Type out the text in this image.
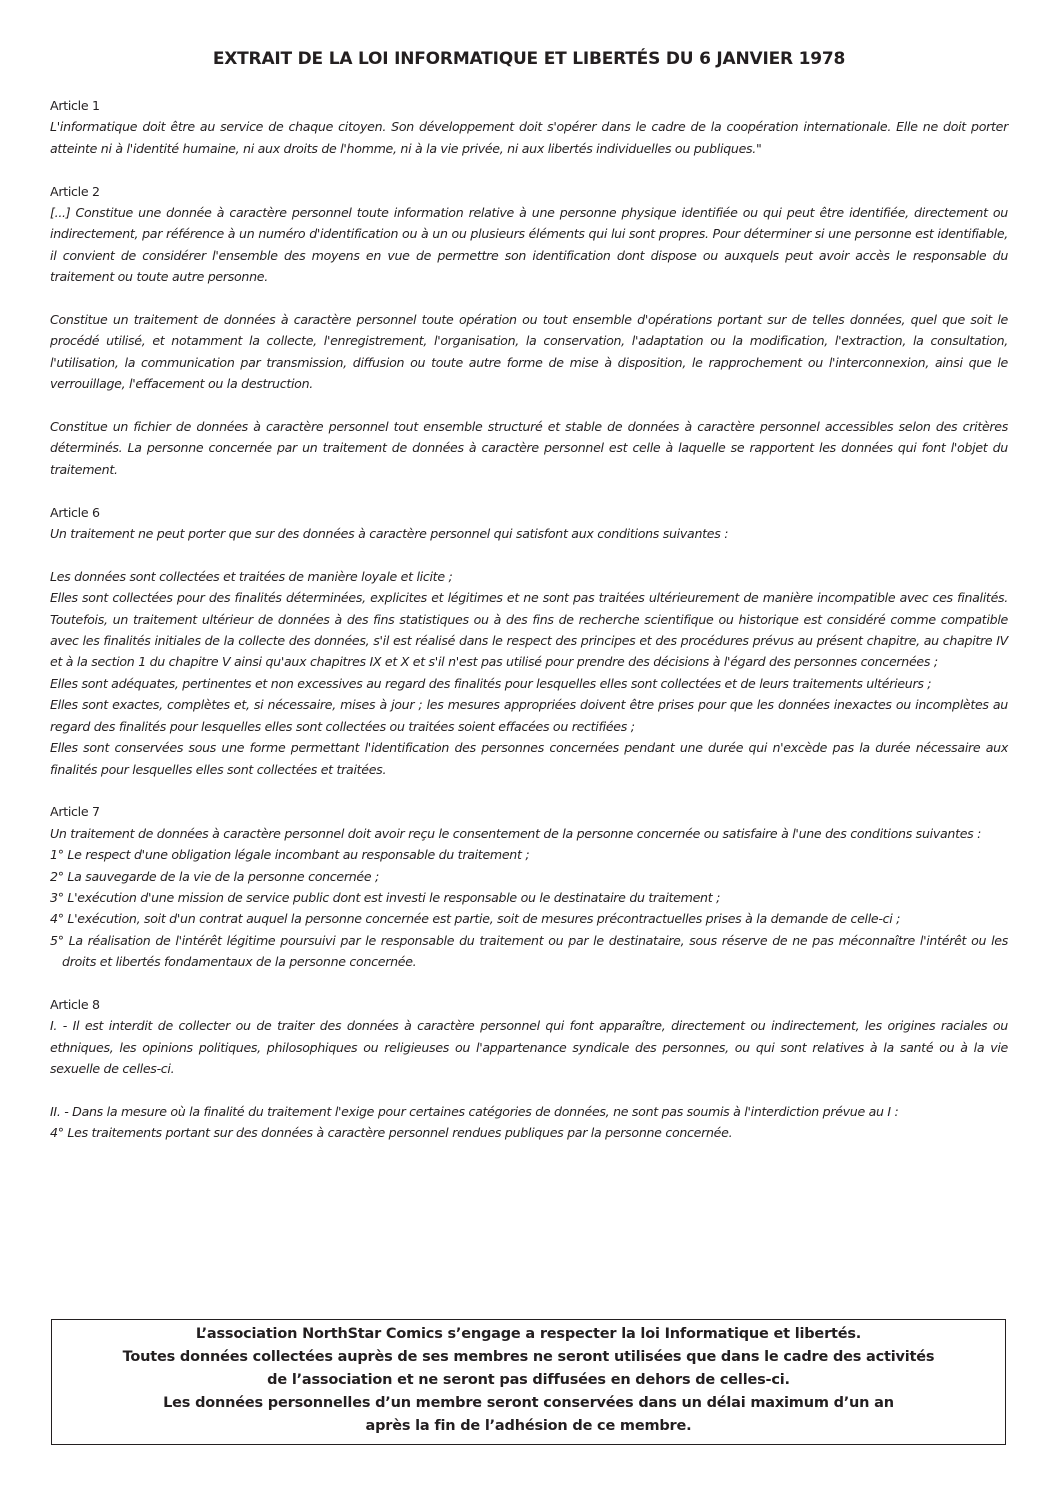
EXTRAIT DE LA LOI INFORMATIQUE ET LIBERTÉS DU 6 JANVIER 1978
Article 1

L'informatique doit être au service de chaque citoyen. Son développement doit s'opérer dans le cadre de la coopération internationale. Elle ne doit porter atteinte ni à l'identité humaine, ni aux droits de l'homme, ni à la vie privée, ni aux libertés individuelles ou publiques."

Article 2

[...] Constitue une donnée à caractère personnel toute information relative à une personne physique identifiée ou qui peut être identifiée, directement ou indirectement, par référence à un numéro d'identification ou à un ou plusieurs éléments qui lui sont propres. Pour déterminer si une personne est identifiable, il convient de considérer l'ensemble des moyens en vue de permettre son identification dont dispose ou auxquels peut avoir accès le responsable du traitement ou toute autre personne.

Constitue un traitement de données à caractère personnel toute opération ou tout ensemble d'opérations portant sur de telles données, quel que soit le procédé utilisé, et notamment la collecte, l'enregistrement, l'organisation, la conservation, l'adaptation ou la modification, l'extraction, la consultation, l'utilisation, la communication par transmission, diffusion ou toute autre forme de mise à disposition, le rapprochement ou l'interconnexion, ainsi que le verrouillage, l'effacement ou la destruction.

Constitue un fichier de données à caractère personnel tout ensemble structuré et stable de données à caractère personnel accessibles selon des critères déterminés. La personne concernée par un traitement de données à caractère personnel est celle à laquelle se rapportent les données qui font l'objet du traitement.

Article 6

Un traitement ne peut porter que sur des données à caractère personnel qui satisfont aux conditions suivantes :

Les données sont collectées et traitées de manière loyale et licite ;

Elles sont collectées pour des finalités déterminées, explicites et légitimes et ne sont pas traitées ultérieurement de manière incompatible avec ces finalités. Toutefois, un traitement ultérieur de données à des fins statistiques ou à des fins de recherche scientifique ou historique est considéré comme compatible avec les finalités initiales de la collecte des données, s'il est réalisé dans le respect des principes et des procédures prévus au présent chapitre, au chapitre IV et à la section 1 du chapitre V ainsi qu'aux chapitres IX et X et s'il n'est pas utilisé pour prendre des décisions à l'égard des personnes concernées ;

Elles sont adéquates, pertinentes et non excessives au regard des finalités pour lesquelles elles sont collectées et de leurs traitements ultérieurs ;

Elles sont exactes, complètes et, si nécessaire, mises à jour ; les mesures appropriées doivent être prises pour que les données inexactes ou incomplètes au regard des finalités pour lesquelles elles sont collectées ou traitées soient effacées ou rectifiées ;

Elles sont conservées sous une forme permettant l'identification des personnes concernées pendant une durée qui n'excède pas la durée nécessaire aux finalités pour lesquelles elles sont collectées et traitées.

Article 7

Un traitement de données à caractère personnel doit avoir reçu le consentement de la personne concernée ou satisfaire à l'une des conditions suivantes :

1° Le respect d'une obligation légale incombant au responsable du traitement ;

2° La sauvegarde de la vie de la personne concernée ;

3° L'exécution d'une mission de service public dont est investi le responsable ou le destinataire du traitement ;

4° L'exécution, soit d'un contrat auquel la personne concernée est partie, soit de mesures précontractuelles prises à la demande de celle-ci ;

5° La réalisation de l'intérêt légitime poursuivi par le responsable du traitement ou par le destinataire, sous réserve de ne pas méconnaître l'intérêt ou les droits et libertés fondamentaux de la personne concernée.

Article 8

I. - Il est interdit de collecter ou de traiter des données à caractère personnel qui font apparaître, directement ou indirectement, les origines raciales ou ethniques, les opinions politiques, philosophiques ou religieuses ou l'appartenance syndicale des personnes, ou qui sont relatives à la santé ou à la vie sexuelle de celles-ci.

II. - Dans la mesure où la finalité du traitement l'exige pour certaines catégories de données, ne sont pas soumis à l'interdiction prévue au I :

4° Les traitements portant sur des données à caractère personnel rendues publiques par la personne concernée.

L’association NorthStar Comics s’engage a respecter la loi Informatique et libertés.
Toutes données collectées auprès de ses membres ne seront utilisées que dans le cadre des activités
de l’association et ne seront pas diffusées en dehors de celles-ci.
Les données personnelles d’un membre seront conservées dans un délai maximum d’un an
après la fin de l’adhésion de ce membre.
